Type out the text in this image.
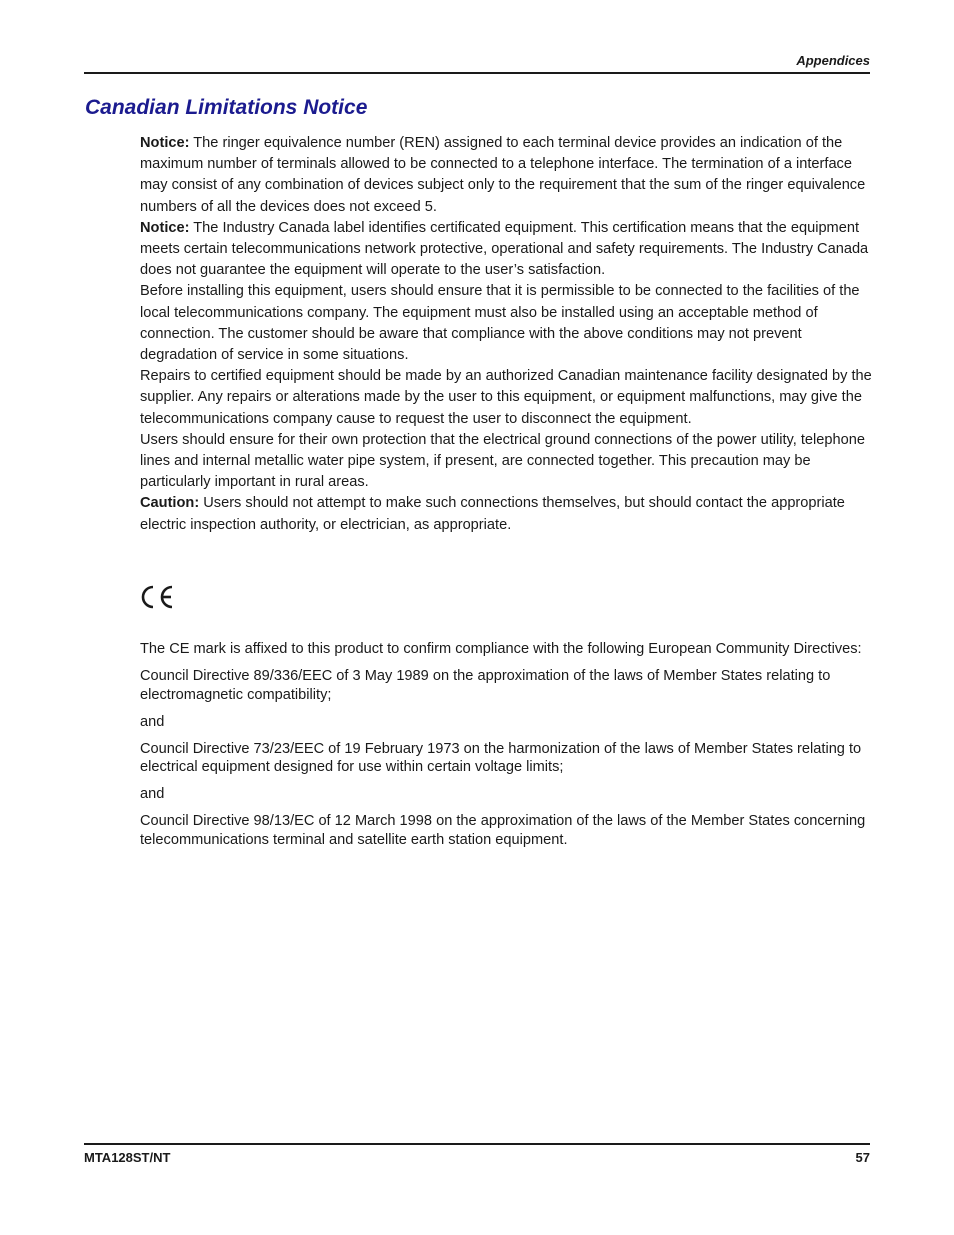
Appendices
Canadian Limitations Notice

Notice: The ringer equivalence number (REN) assigned to each terminal device provides an indication of the

maximum number of terminals allowed to be connected to a telephone interface. The termination of a interface may consist of any combination of devices subject only to the requirement that the sum of the ringer equivalence numbers of all the devices does not exceed 5.

Notice: The Industry Canada label identifies certificated equipment. This certification means that the equipment meets certain telecommunications network protective, operational and safety requirements. The Industry Canada does not guarantee the equipment will operate to the user’s satisfaction.

Before installing this equipment, users should ensure that it is permissible to be connected to the facilities of the local telecommunications company. The equipment must also be installed using an acceptable method of connection. The customer should be aware that compliance with the above conditions may not prevent degradation of service in some situations.

Repairs to certified equipment should be made by an authorized Canadian maintenance facility designated by the supplier. Any repairs or alterations made by the user to this equipment, or equipment malfunctions, may give the telecommunications company cause to request the user to disconnect the equipment.

Users should ensure for their own protection that the electrical ground connections of the power utility, telephone lines and internal metallic water pipe system, if present, are connected together. This precaution may be particularly important in rural areas.

Caution: Users should not attempt to make such connections themselves, but should contact the appropriate electric inspection authority, or electrician, as appropriate.

The CE mark is affixed to this product to confirm compliance with the following European Community Directives:

Council Directive 89/336/EEC of 3 May 1989 on the approximation of the laws of Member States relating to electromagnetic compatibility;

and

Council Directive 73/23/EEC of 19 February 1973 on the harmonization of the laws of Member States relating to electrical equipment designed for use within certain voltage limits;

and

Council Directive 98/13/EC of 12 March 1998 on the approximation of the laws of the Member States concerning telecommunications terminal and satellite earth station equipment.

MTA128ST/NT	57
